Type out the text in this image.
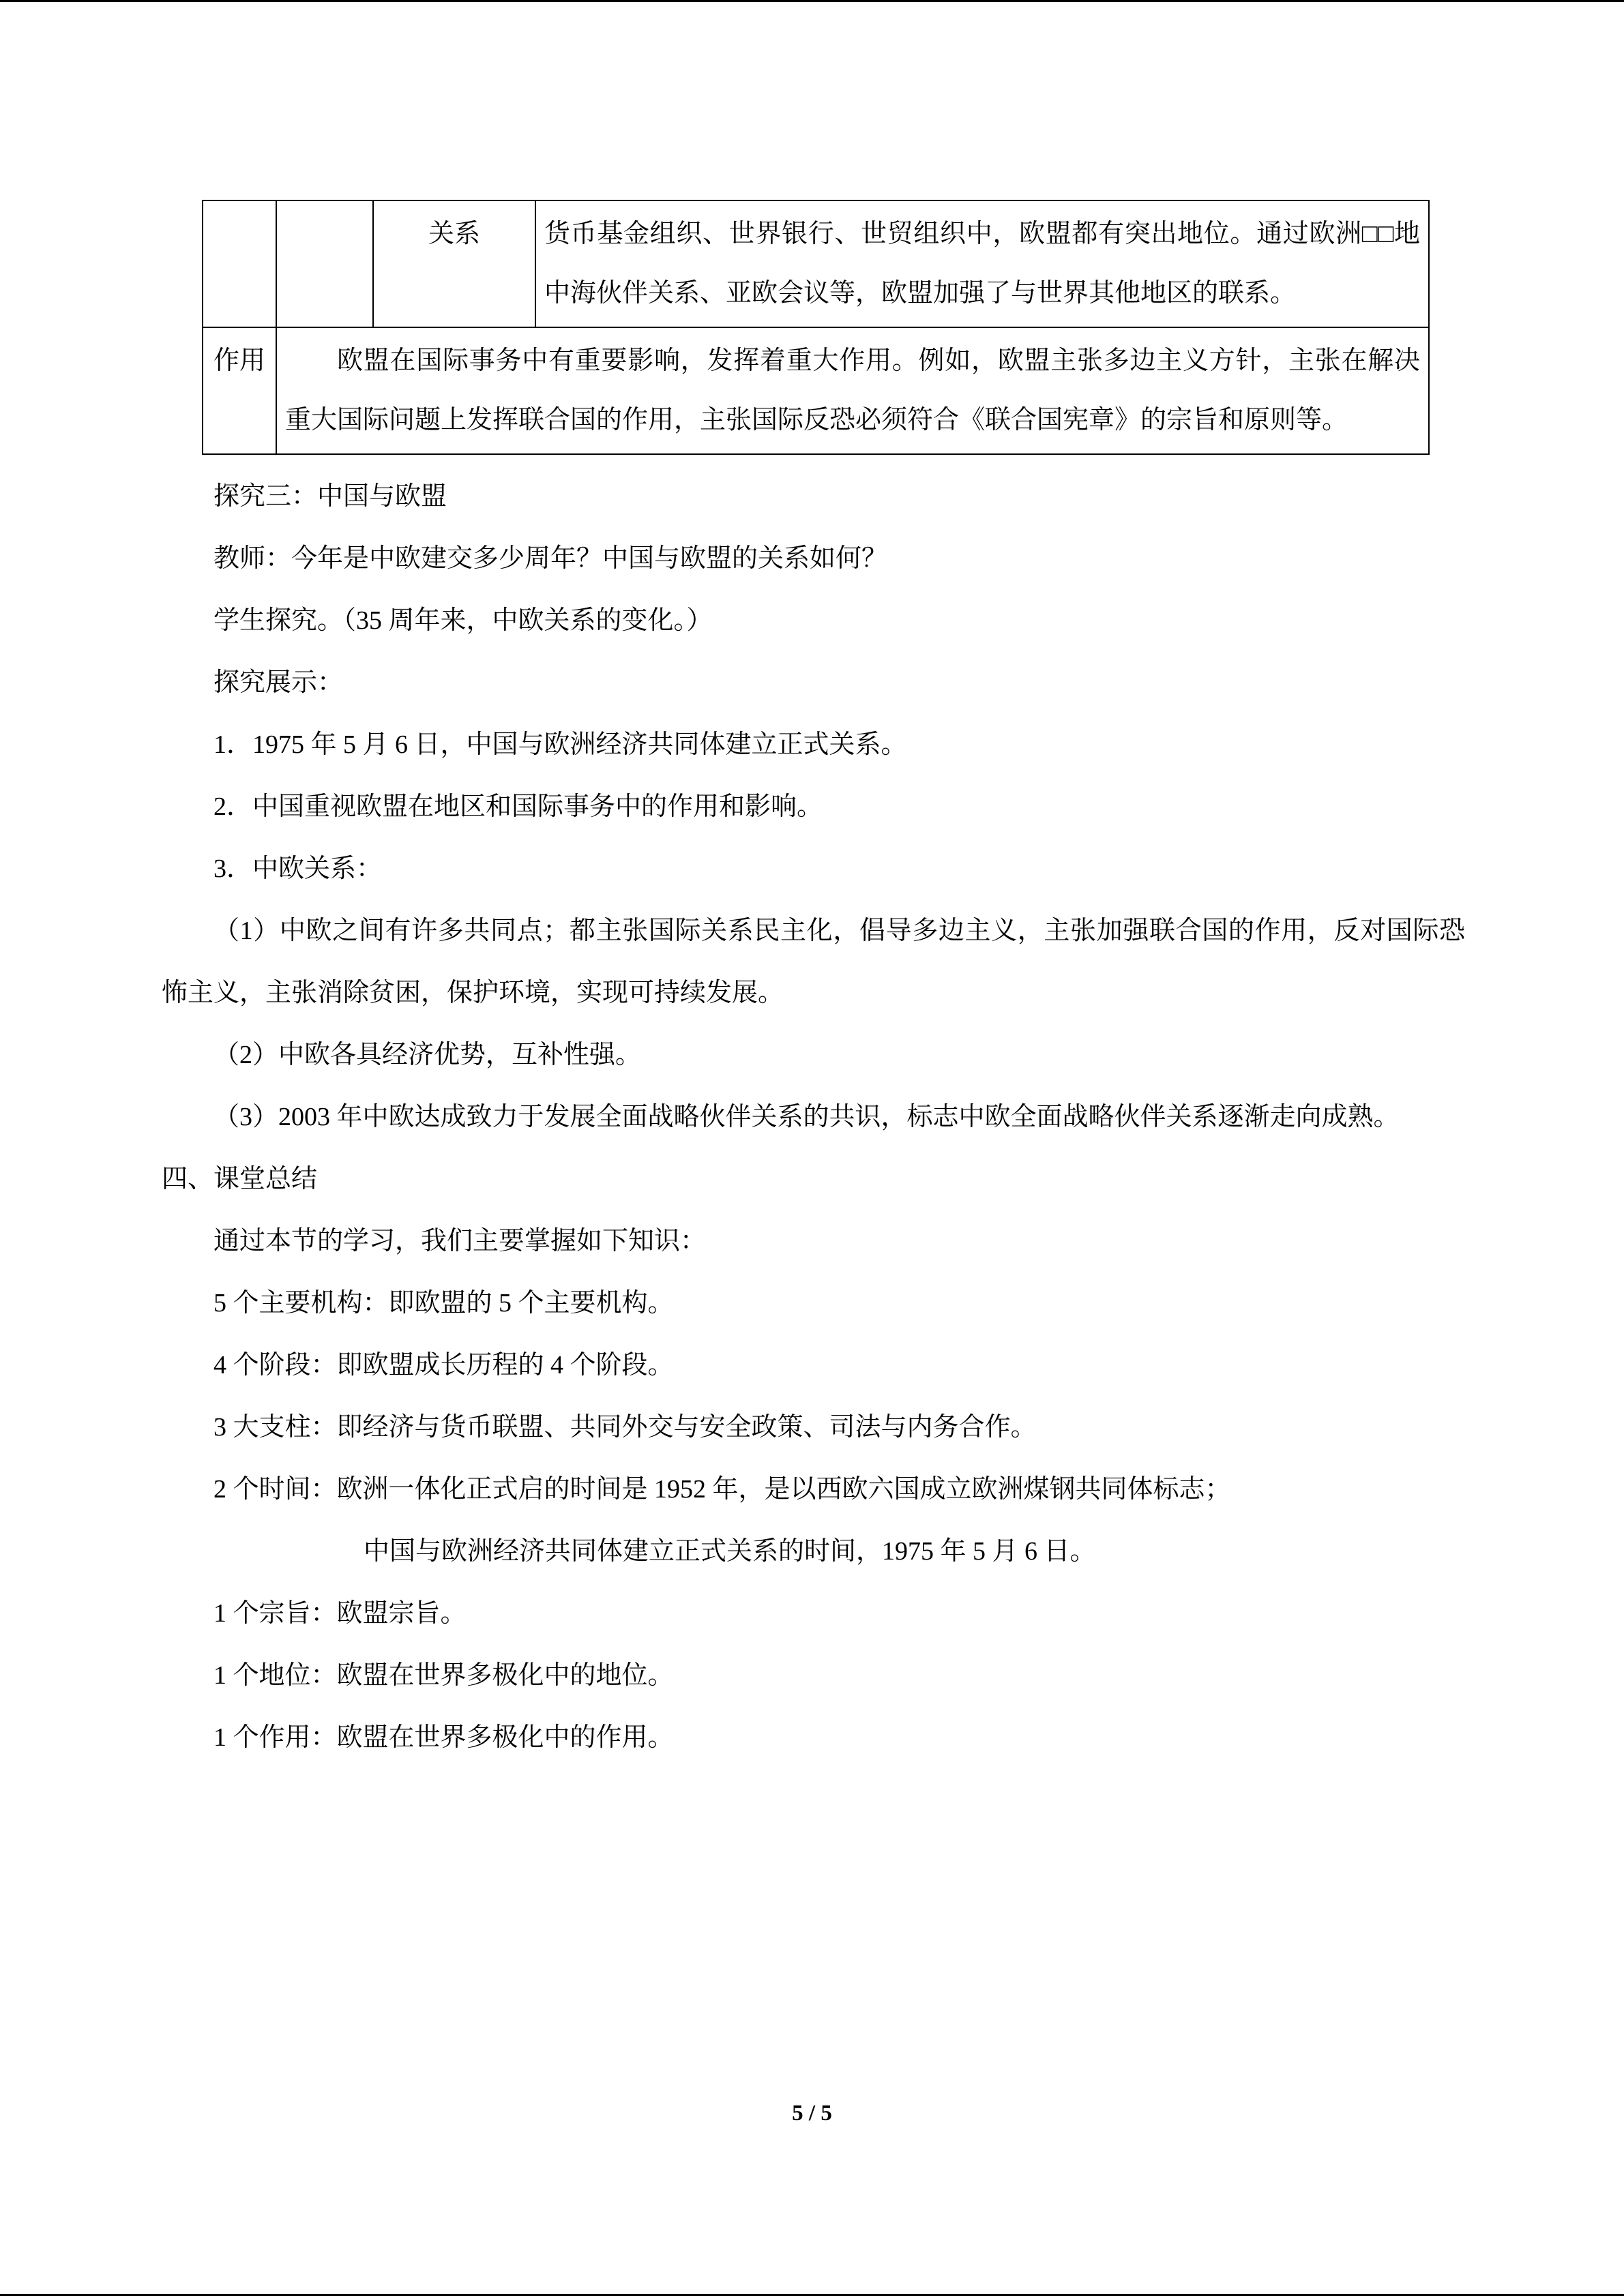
		关系	货币基金组织、世界银行、世贸组织中，欧盟都有突出地位。通过欧洲□□地中海伙伴关系、亚欧会议等，欧盟加强了与世界其他地区的联系。
作用	欧盟在国际事务中有重要影响，发挥着重大作用。例如，欧盟主张多边主义方针，主张在解决重大国际问题上发挥联合国的作用，主张国际反恐必须符合《联合国宪章》的宗旨和原则等。		

探究三：中国与欧盟

教师：今年是中欧建交多少周年？中国与欧盟的关系如何？

学生探究。（35 周年来，中欧关系的变化。）

探究展示：

1．1975 年 5 月 6 日，中国与欧洲经济共同体建立正式关系。

2．中国重视欧盟在地区和国际事务中的作用和影响。

3．中欧关系：

（1）中欧之间有许多共同点；都主张国际关系民主化，倡导多边主义，主张加强联合国的作用，反对国际恐怖主义，主张消除贫困，保护环境，实现可持续发展。

（2）中欧各具经济优势，互补性强。

（3）2003 年中欧达成致力于发展全面战略伙伴关系的共识，标志中欧全面战略伙伴关系逐渐走向成熟。

四、课堂总结

通过本节的学习，我们主要掌握如下知识：

5 个主要机构：即欧盟的 5 个主要机构。

4 个阶段：即欧盟成长历程的 4 个阶段。

3 大支柱：即经济与货币联盟、共同外交与安全政策、司法与内务合作。

2 个时间：欧洲一体化正式启的时间是 1952 年，是以西欧六国成立欧洲煤钢共同体标志；

中国与欧洲经济共同体建立正式关系的时间，1975 年 5 月 6 日。

1 个宗旨：欧盟宗旨。

1 个地位：欧盟在世界多极化中的地位。

1 个作用：欧盟在世界多极化中的作用。

5 / 5
